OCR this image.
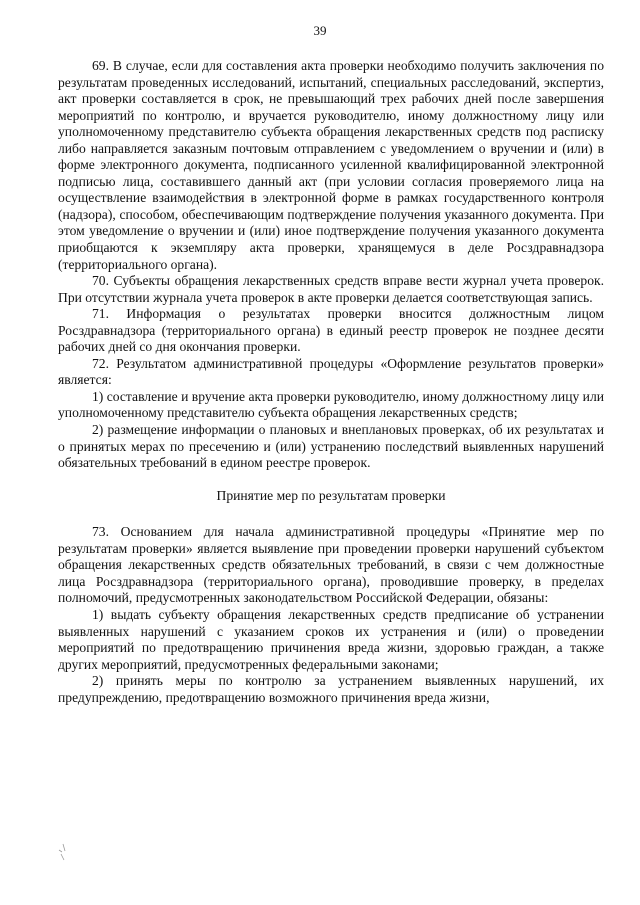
39

69. В случае, если для составления акта проверки необходимо получить заключения по результатам проведенных исследований, испытаний, специальных расследований, экспертиз, акт проверки составляется в срок, не превышающий трех рабочих дней после завершения мероприятий по контролю, и вручается руководителю, иному должностному лицу или уполномоченному представителю субъекта обращения лекарственных средств под расписку либо направляется заказным почтовым отправлением с уведомлением о вручении и (или) в форме электронного документа, подписанного усиленной квалифицированной электронной подписью лица, составившего данный акт (при условии согласия проверяемого лица на осуществление взаимодействия в электронной форме в рамках государственного контроля (надзора), способом, обеспечивающим подтверждение получения указанного документа. При этом уведомление о вручении и (или) иное подтверждение получения указанного документа приобщаются к экземпляру акта проверки, хранящемуся в деле Росздравнадзора (территориального органа).

70. Субъекты обращения лекарственных средств вправе вести журнал учета проверок. При отсутствии журнала учета проверок в акте проверки делается соответствующая запись.

71. Информация о результатах проверки вносится должностным лицом Росздравнадзора (территориального органа) в единый реестр проверок не позднее десяти рабочих дней со дня окончания проверки.

72. Результатом административной процедуры «Оформление результатов проверки» является:

1) составление и вручение акта проверки руководителю, иному должностному лицу или уполномоченному представителю субъекта обращения лекарственных средств;

2) размещение информации о плановых и внеплановых проверках, об их результатах и о принятых мерах по пресечению и (или) устранению последствий выявленных нарушений обязательных требований в едином реестре проверок.

Принятие мер по результатам проверки

73. Основанием для начала административной процедуры «Принятие мер по результатам проверки» является выявление при проведении проверки нарушений субъектом обращения лекарственных средств обязательных требований, в связи с чем должностные лица Росздравнадзора (территориального органа), проводившие проверку, в пределах полномочий, предусмотренных законодательством Российской Федерации, обязаны:

1) выдать субъекту обращения лекарственных средств предписание об устранении выявленных нарушений с указанием сроков их устранения и (или) о проведении мероприятий по предотвращению причинения вреда жизни, здоровью граждан, а также других мероприятий, предусмотренных федеральными законами;

2) принять меры по контролю за устранением выявленных нарушений, их предупреждению, предотвращению возможного причинения вреда жизни,
